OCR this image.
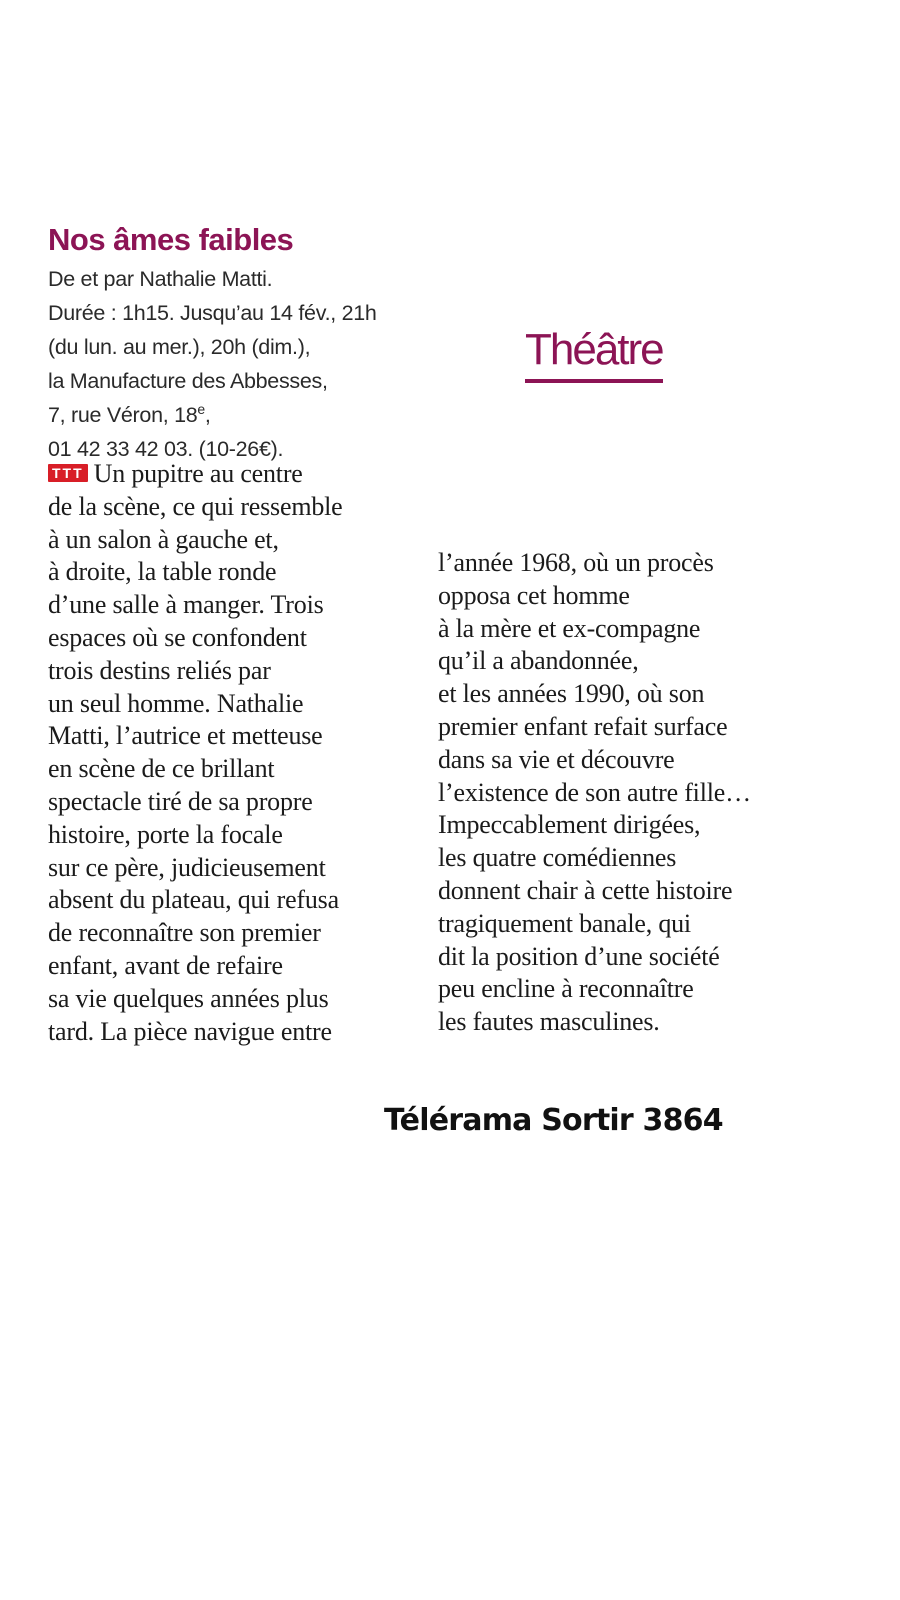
Nos âmes faibles
De et par Nathalie Matti.
Durée : 1h15. Jusqu’au 14 fév., 21h
(du lun. au mer.), 20h (dim.),
la Manufacture des Abbesses,
7, rue Véron, 18e,
01 42 33 42 03. (10-26€).
Théâtre
TTT Un pupitre au centre
de la scène, ce qui ressemble
à un salon à gauche et,
à droite, la table ronde
d’une salle à manger. Trois
espaces où se confondent
trois destins reliés par
un seul homme. Nathalie
Matti, l’autrice et metteuse
en scène de ce brillant
spectacle tiré de sa propre
histoire, porte la focale
sur ce père, judicieusement
absent du plateau, qui refusa
de reconnaître son premier
enfant, avant de refaire
sa vie quelques années plus
tard. La pièce navigue entre
l’année 1968, où un procès
opposa cet homme
à la mère et ex-compagne
qu’il a abandonnée,
et les années 1990, où son
premier enfant refait surface
dans sa vie et découvre
l’existence de son autre fille…
Impeccablement dirigées,
les quatre comédiennes
donnent chair à cette histoire
tragiquement banale, qui
dit la position d’une société
peu encline à reconnaître
les fautes masculines.

Télérama Sortir 3864
